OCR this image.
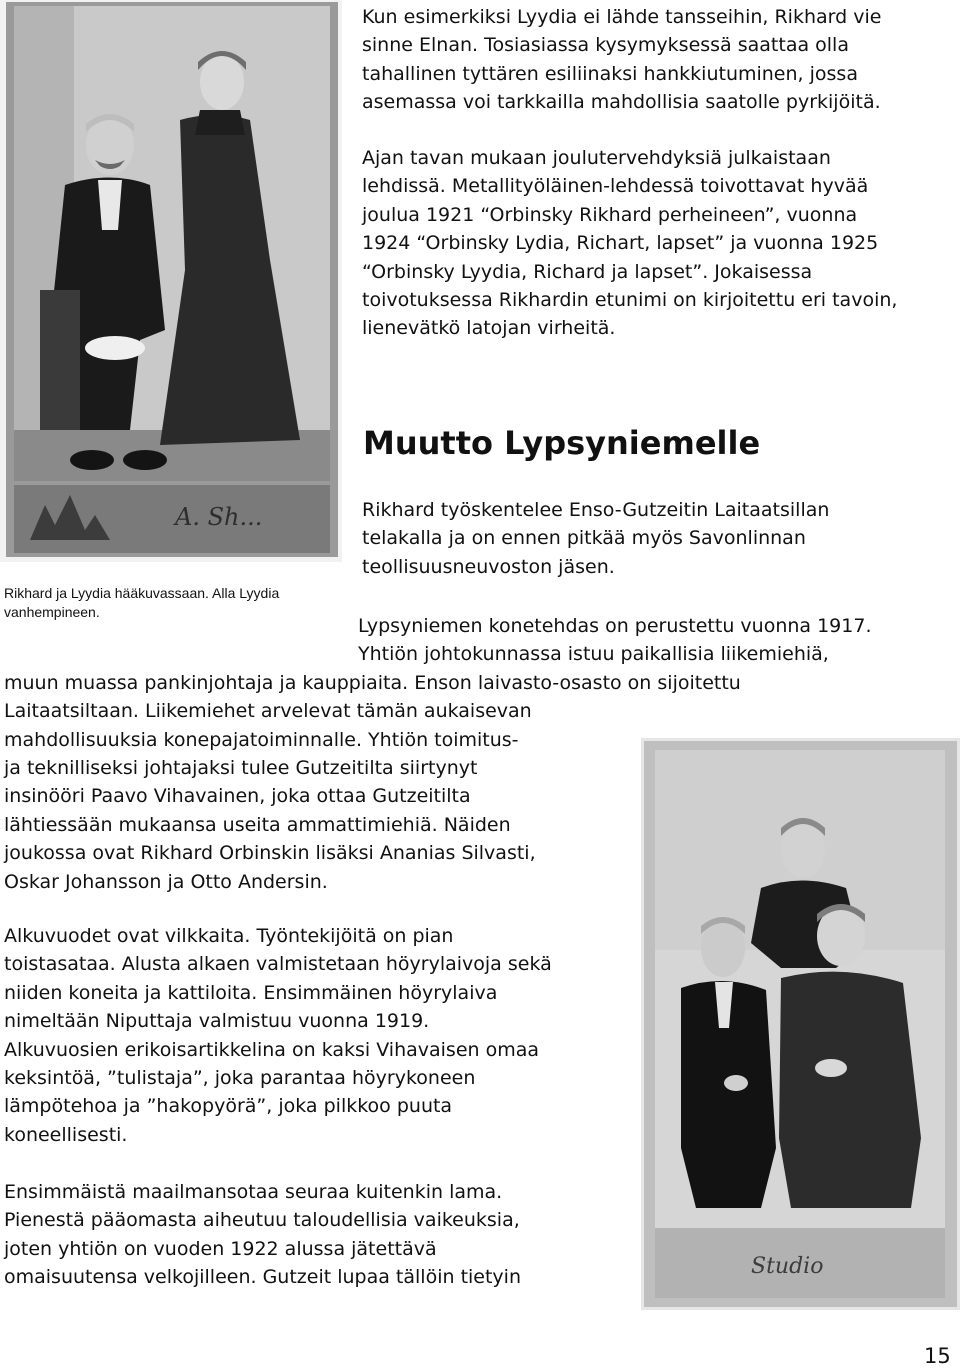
A. Sh...
Studio

Kun esimerkiksi Lyydia ei lähde tansseihin, Rikhard vie

sinne Elnan. Tosiasiassa kysymyksessä saattaa olla

tahallinen tyttären esiliinaksi hankkiutuminen, jossa

asemassa voi tarkkailla mahdollisia saatolle pyrkijöitä.

Ajan tavan mukaan joulutervehdyksiä julkaistaan

lehdissä. Metallityöläinen-lehdessä toivottavat hyvää

joulua 1921 “Orbinsky Rikhard perheineen”, vuonna

1924 “Orbinsky Lydia, Richart, lapset” ja vuonna 1925

“Orbinsky Lyydia, Richard ja lapset”. Jokaisessa

toivotuksessa Rikhardin etunimi on kirjoitettu eri tavoin,

lienevätkö latojan virheitä.

Muutto Lypsyniemelle

Rikhard työskentelee Enso-Gutzeitin Laitaatsillan

telakalla ja on ennen pitkää myös Savonlinnan

teollisuusneuvoston jäsen.

Rikhard ja Lyydia hääkuvassaan. Alla Lyydia
vanhempineen.

Lypsyniemen konetehdas on perustettu vuonna 1917.

Yhtiön johtokunnassa istuu paikallisia liikemiehiä,

muun muassa pankinjohtaja ja kauppiaita. Enson laivasto-osasto on sijoitettu

Laitaatsiltaan. Liikemiehet arvelevat tämän aukaisevan

mahdollisuuksia konepajatoiminnalle. Yhtiön toimitus-

ja teknilliseksi johtajaksi tulee Gutzeitilta siirtynyt

insinööri Paavo Vihavainen, joka ottaa Gutzeitilta

lähtiessään mukaansa useita ammattimiehiä. Näiden

joukossa ovat Rikhard Orbinskin lisäksi Ananias Silvasti,

Oskar Johansson ja Otto Andersin.

Alkuvuodet ovat vilkkaita. Työntekijöitä on pian

toistasataa. Alusta alkaen valmistetaan höyrylaivoja sekä

niiden koneita ja kattiloita. Ensimmäinen höyrylaiva

nimeltään Niputtaja valmistuu vuonna 1919.

Alkuvuosien erikoisartikkelina on kaksi Vihavaisen omaa

keksintöä, ”tulistaja”, joka parantaa höyrykoneen

lämpötehoa ja ”hakopyörä”, joka pilkkoo puuta

koneellisesti.

Ensimmäistä maailmansotaa seuraa kuitenkin lama.

Pienestä pääomasta aiheutuu taloudellisia vaikeuksia,

joten yhtiön on vuoden 1922 alussa jätettävä

omaisuutensa velkojilleen. Gutzeit lupaa tällöin tietyin

15
